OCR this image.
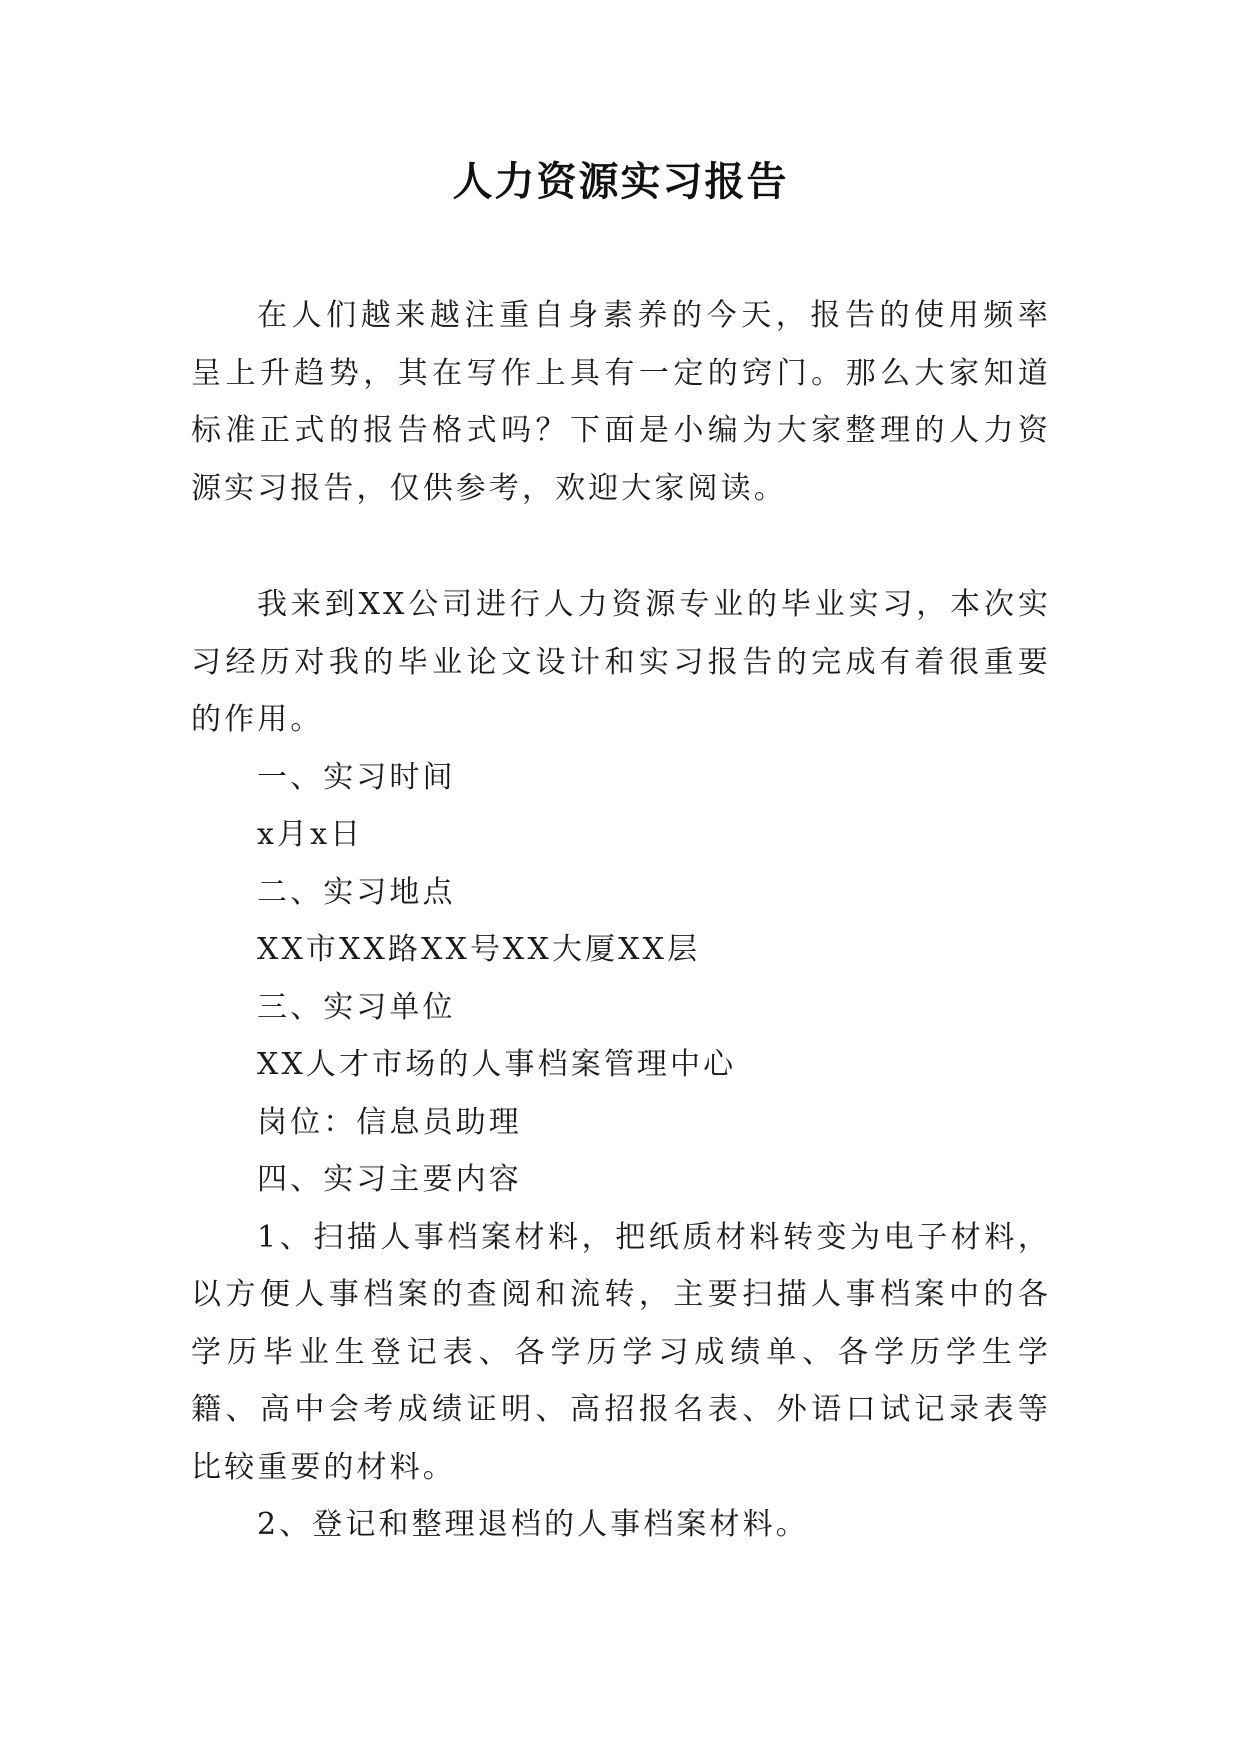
人力资源实习报告

在人们越来越注重自身素养的今天，报告的使用频率呈上升趋势，其在写作上具有一定的窍门。那么大家知道标准正式的报告格式吗？下面是小编为大家整理的人力资源实习报告，仅供参考，欢迎大家阅读。

我来到XX公司进行人力资源专业的毕业实习，本次实习经历对我的毕业论文设计和实习报告的完成有着很重要的作用。

一、实习时间

x月x日

二、实习地点

XX市XX路XX号XX大厦XX层

三、实习单位

XX人才市场的人事档案管理中心

岗位：信息员助理

四、实习主要内容

1、扫描人事档案材料，把纸质材料转变为电子材料，以方便人事档案的查阅和流转，主要扫描人事档案中的各学历毕业生登记表、各学历学习成绩单、各学历学生学籍、高中会考成绩证明、高招报名表、外语口试记录表等比较重要的材料。

2、登记和整理退档的人事档案材料。
